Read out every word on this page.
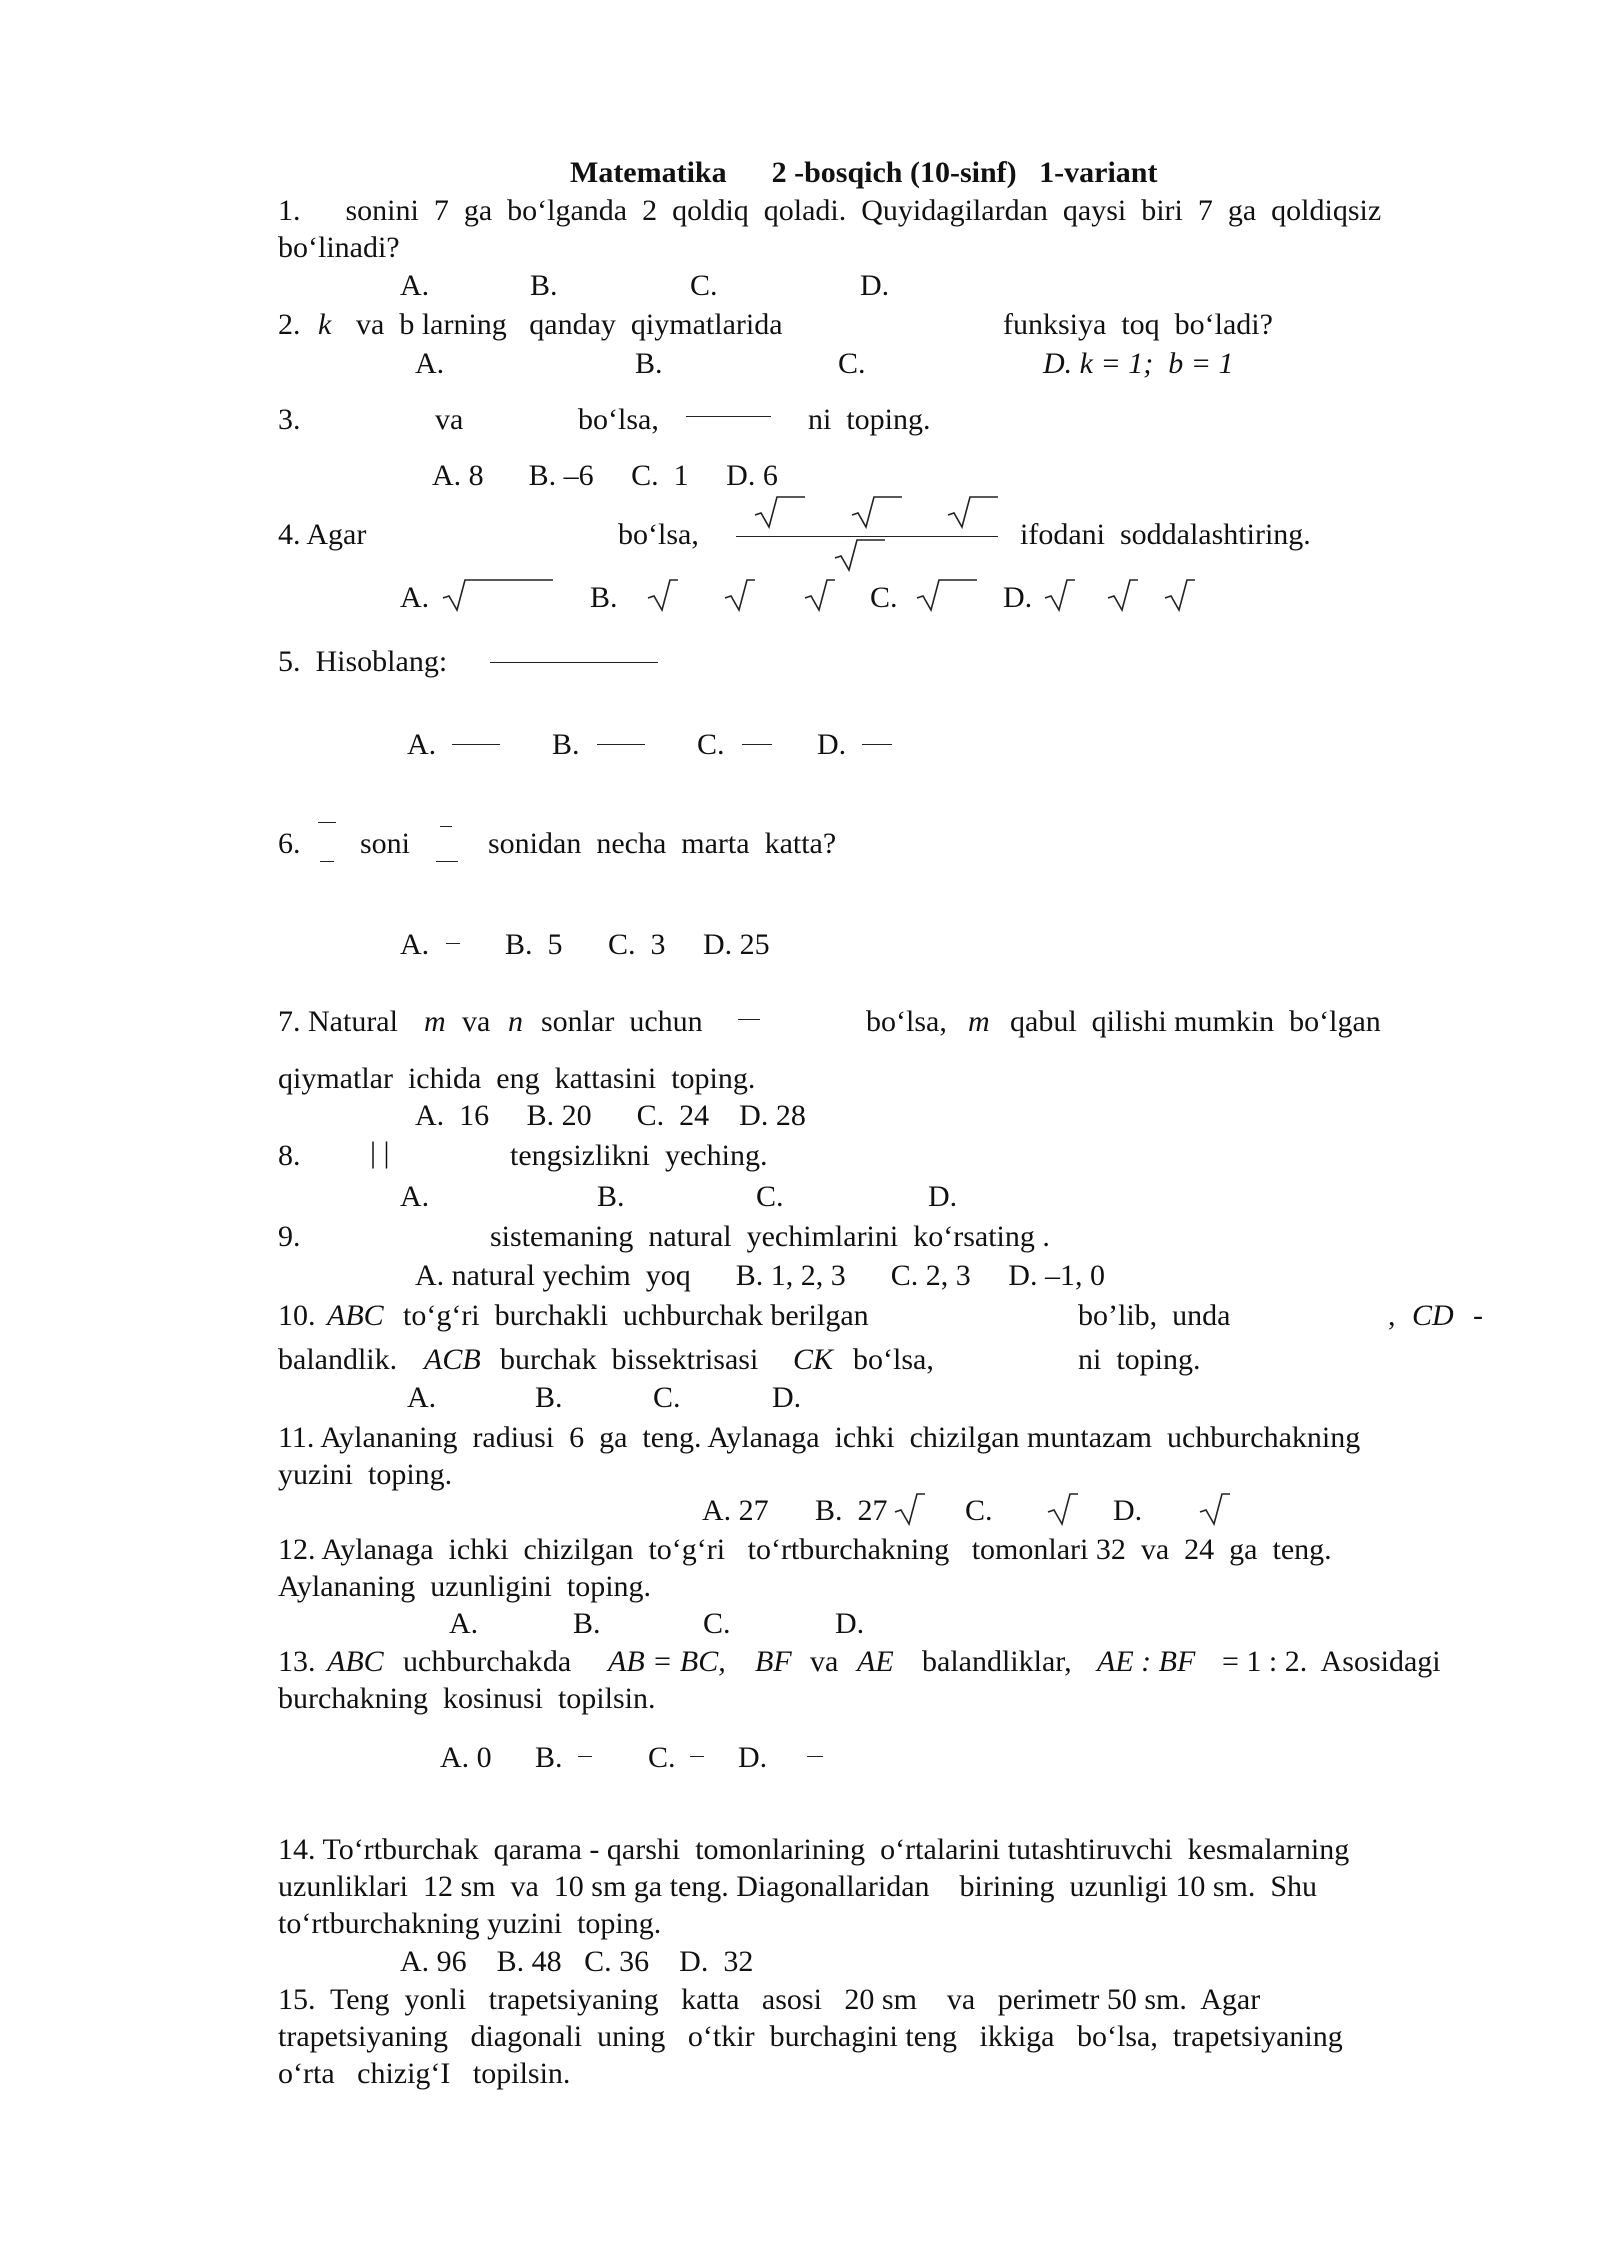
Matematika      2 -bosqich (10-sinf)   1-variant
1.      sonini  7  ga  bo‘lganda  2  qoldiq  qoladi.  Quyidagilardan  qaysi  biri  7  ga  qoldiqsiz
bo‘linadi?
A.	B.	C.	D.
2. k va  b larning   qanday  qiymatlarida	funksiya  toq  bo‘ladi?
A.	B.	C.	D. k = 1;  b = 1
3.	va	bo‘lsa,	ni  toping.
A. 8      B. –6     C.  1     D. 6
4. Agar	bo‘lsa,	ifodani  soddalashtiring.
A.	B.	C.	D.
5.  Hisoblang:
A.	B.	C.	D.
6. soni	sonidan  necha  marta  katta?
A.	B.  5 C.  3 D. 25
7. Natural m va n sonlar  uchun	bo‘lsa, m qabul  qilishi mumkin  bo‘lgan
qiymatlar  ichida  eng  kattasini  toping.
A.  16     B. 20      C.  24    D. 28
8. | |	tengsizlikni  yeching.
A.	B.	C.	D.
9.	sistemaning  natural  yechimlarini  ko‘rsating .
A. natural yechim  yoq      B. 1, 2, 3      C. 2, 3     D. –1, 0
10. ABC to‘g‘ri  burchakli  uchburchak berilgan	bo’lib,  unda	, CD -
balandlik. ACB burchak  bissektrisasi CK bo‘lsa,	ni  toping.
A.	B.	C.	D.
11. Aylananing  radiusi  6  ga  teng. Aylanaga  ichki  chizilgan muntazam  uchburchakning
yuzini  toping.
A. 27 B.  27	C.	D.
12. Aylanaga  ichki  chizilgan  to‘g‘ri   to‘rtburchakning   tomonlari 32  va  24  ga  teng.
Aylananing  uzunligini  toping.
A.	B.	C.	D.
13. ABC uchburchakda AB = BC, BF va AE balandliklar, AE : BF = 1 : 2.  Asosidagi
burchakning  kosinusi  topilsin.
A. 0 B.	C. D.
14. To‘rtburchak  qarama - qarshi  tomonlarining  o‘rtalarini tutashtiruvchi  kesmalarning
uzunliklari  12 sm  va  10 sm ga teng. Diagonallaridan    birining  uzunligi 10 sm.  Shu
to‘rtburchakning yuzini  toping.
A. 96    B. 48   C. 36    D.  32
15.  Teng  yonli   trapetsiyaning   katta   asosi   20 sm    va   perimetr 50 sm.  Agar
trapetsiyaning   diagonali  uning   o‘tkir  burchagini teng   ikkiga   bo‘lsa,  trapetsiyaning
o‘rta   chizig‘I   topilsin.
